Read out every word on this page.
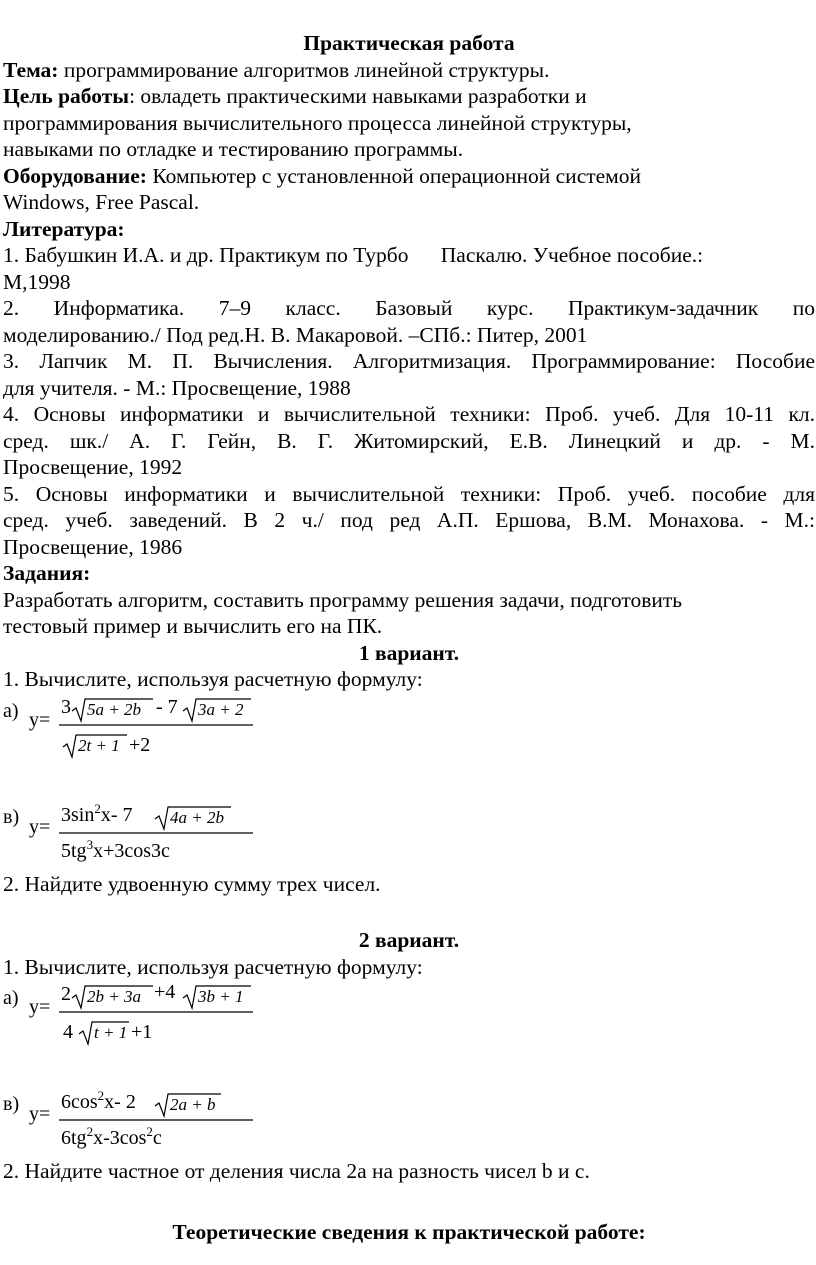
Практическая работа
Тема: программирование алгоритмов линейной структуры.
Цель работы: овладеть практическими навыками разработки и
программирования вычислительного процесса линейной структуры,
навыками по отладке и тестированию программы.
Оборудование: Компьютер с установленной операционной системой
Windows, Free Pascal.
Литература:
1. Бабушкин И.А. и др. Практикум по Турбо      Паскалю. Учебное пособие.:
М,1998
2. Информатика. 7–9 класс. Базовый курс. Практикум-задачник по
моделированию./ Под ред.Н. В. Макаровой. –СПб.: Питер, 2001
3. Лапчик М. П. Вычисления. Алгоритмизация. Программирование: Пособие
для учителя. - М.: Просвещение, 1988
4. Основы информатики и вычислительной техники: Проб. учеб. Для 10-11 кл.
сред. шк./ А. Г. Гейн, В. Г. Житомирский, Е.В. Линецкий и др. - М.
Просвещение, 1992
5. Основы информатики и вычислительной техники: Проб. учеб. пособие для
сред. учеб. заведений. В 2 ч./ под ред А.П. Ершова, В.М. Монахова. - М.:
Просвещение, 1986
Задания:
Разработать алгоритм, составить программу решения задачи, подготовить
тестовый пример и вычислить его на ПК.
1 вариант.
1. Вычислите, используя расчетную формулу:
а) y=
3 5a + 2b - 7 3a + 2
2t + 1 +2
в) y=
$3\sin^2x-$ 7 4a + 2b
$5tg^3x+3\cos 3c$
2. Найдите удвоенную сумму трех чисел.
2 вариант.
1. Вычислите, используя расчетную формулу:
а) y=
2 2b + 3a +4 3b + 1
4 t + 1 +1
в) y=
$6\cos^2x-$ 2 2a + b
$6tg^2x-3\cos^2c$
2. Найдите частное от деления числа 2а на разность чисел b и с.
Теоретические сведения к практической работе:
